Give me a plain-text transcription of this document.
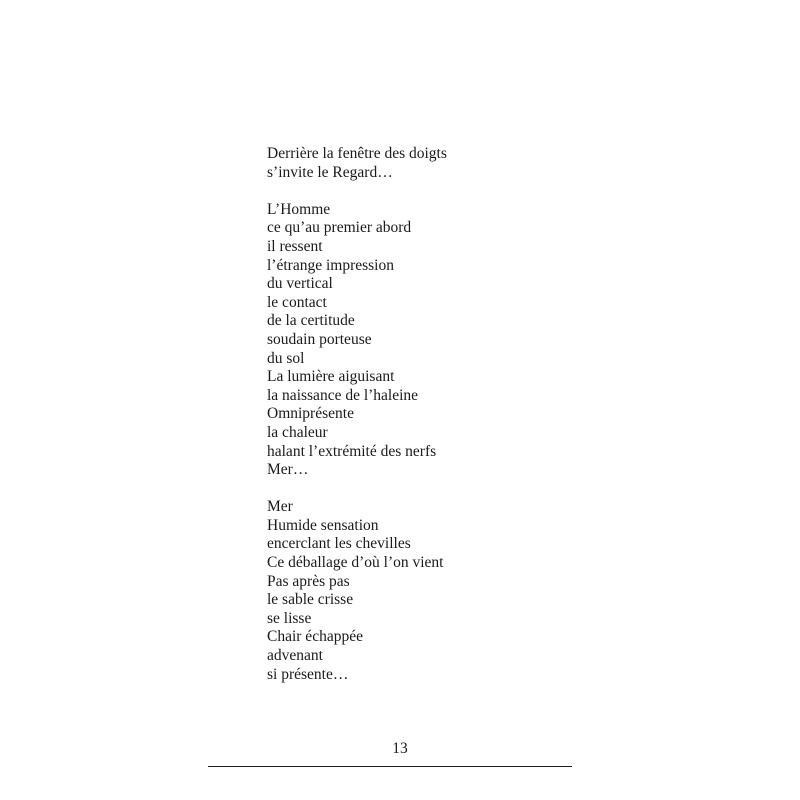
Derrière la fenêtre des doigts
s’invite le Regard…
L’Homme
ce qu’au premier abord
il ressent
l’étrange impression
du vertical
le contact
de la certitude
soudain porteuse
du sol
La lumière aiguisant
la naissance de l’haleine
Omniprésente
la chaleur
halant l’extrémité des nerfs
Mer…
Mer
Humide sensation
encerclant les chevilles
Ce déballage d’où l’on vient
Pas après pas
le sable crisse
se lisse
Chair échappée
advenant
si présente…

13
